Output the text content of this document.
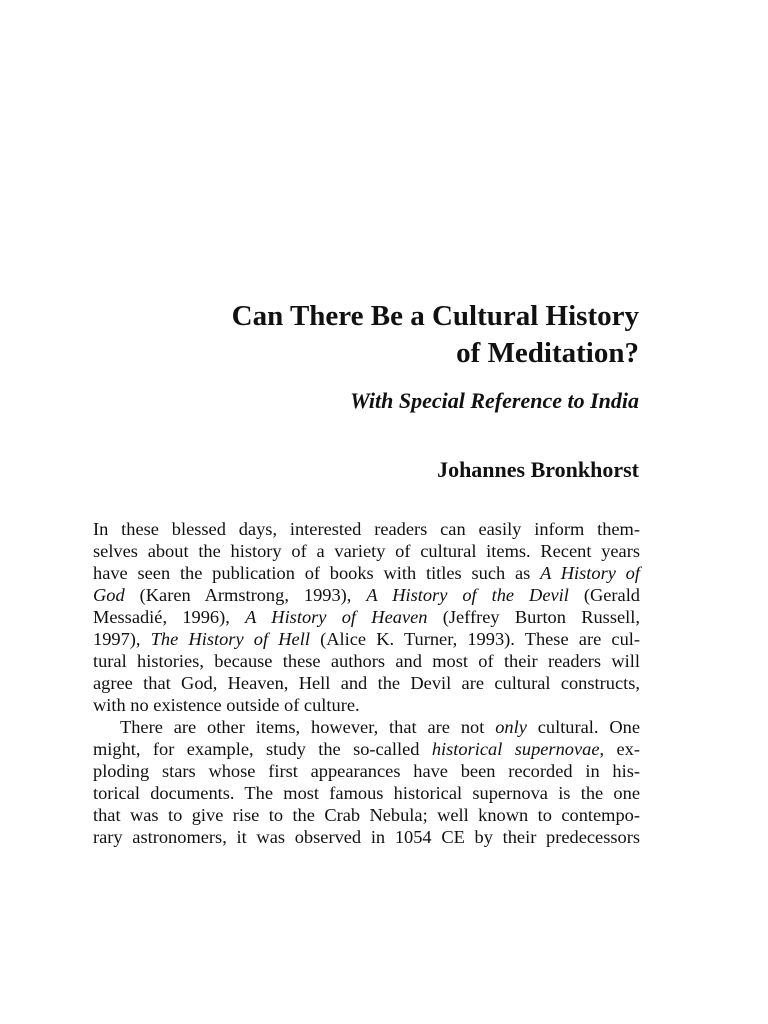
Can There Be a Cultural History
of Meditation?
With Special Reference to India
Johannes Bronkhorst

In these blessed days, interested readers can easily inform them-
selves about the history of a variety of cultural items. Recent years
have seen the publication of books with titles such as A History of
God (Karen Armstrong, 1993), A History of the Devil (Gerald
Messadié, 1996), A History of Heaven (Jeffrey Burton Russell,
1997), The History of Hell (Alice K. Turner, 1993). These are cul-
tural histories, because these authors and most of their readers will
agree that God, Heaven, Hell and the Devil are cultural constructs,
with no existence outside of culture.

There are other items, however, that are not only cultural. One
might, for example, study the so-called historical supernovae, ex-
ploding stars whose first appearances have been recorded in his-
torical documents. The most famous historical supernova is the one
that was to give rise to the Crab Nebula; well known to contempo-
rary astronomers, it was observed in 1054 CE by their predecessors
